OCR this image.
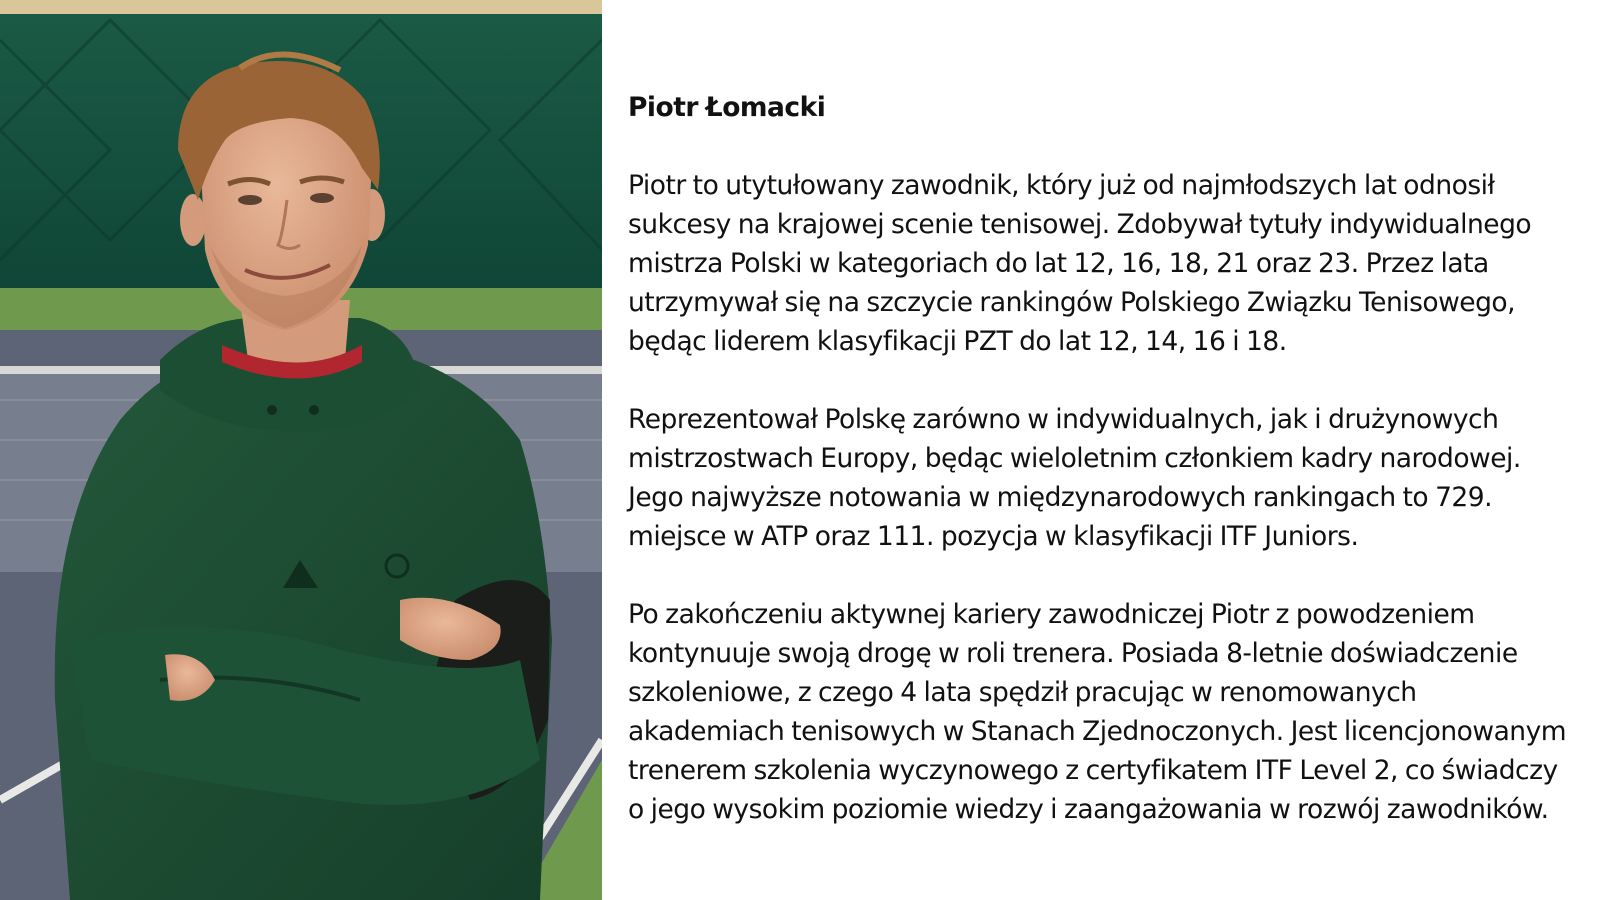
Piotr Łomacki

Piotr to utytułowany zawodnik, który już od najmłodszych lat odnosił sukcesy na krajowej scenie tenisowej. Zdobywał tytuły indywidualnego mistrza Polski w kategoriach do lat 12, 16, 18, 21 oraz 23. Przez lata utrzymywał się na szczycie rankingów Polskiego Związku Tenisowego, będąc liderem klasyfikacji PZT do lat 12, 14, 16 i 18.

Reprezentował Polskę zarówno w indywidualnych, jak i drużynowych mistrzostwach Europy, będąc wieloletnim członkiem kadry narodowej. Jego najwyższe notowania w międzynarodowych rankingach to 729. miejsce w ATP oraz 111. pozycja w klasyfikacji ITF Juniors.

Po zakończeniu aktywnej kariery zawodniczej Piotr z powodzeniem kontynuuje swoją drogę w roli trenera. Posiada 8-letnie doświadczenie szkoleniowe, z czego 4 lata spędził pracując w renomowanych akademiach tenisowych w Stanach Zjednoczonych. Jest licencjonowanym trenerem szkolenia wyczynowego z certyfikatem ITF Level 2, co świadczy o jego wysokim poziomie wiedzy i zaangażowania w rozwój zawodników.
